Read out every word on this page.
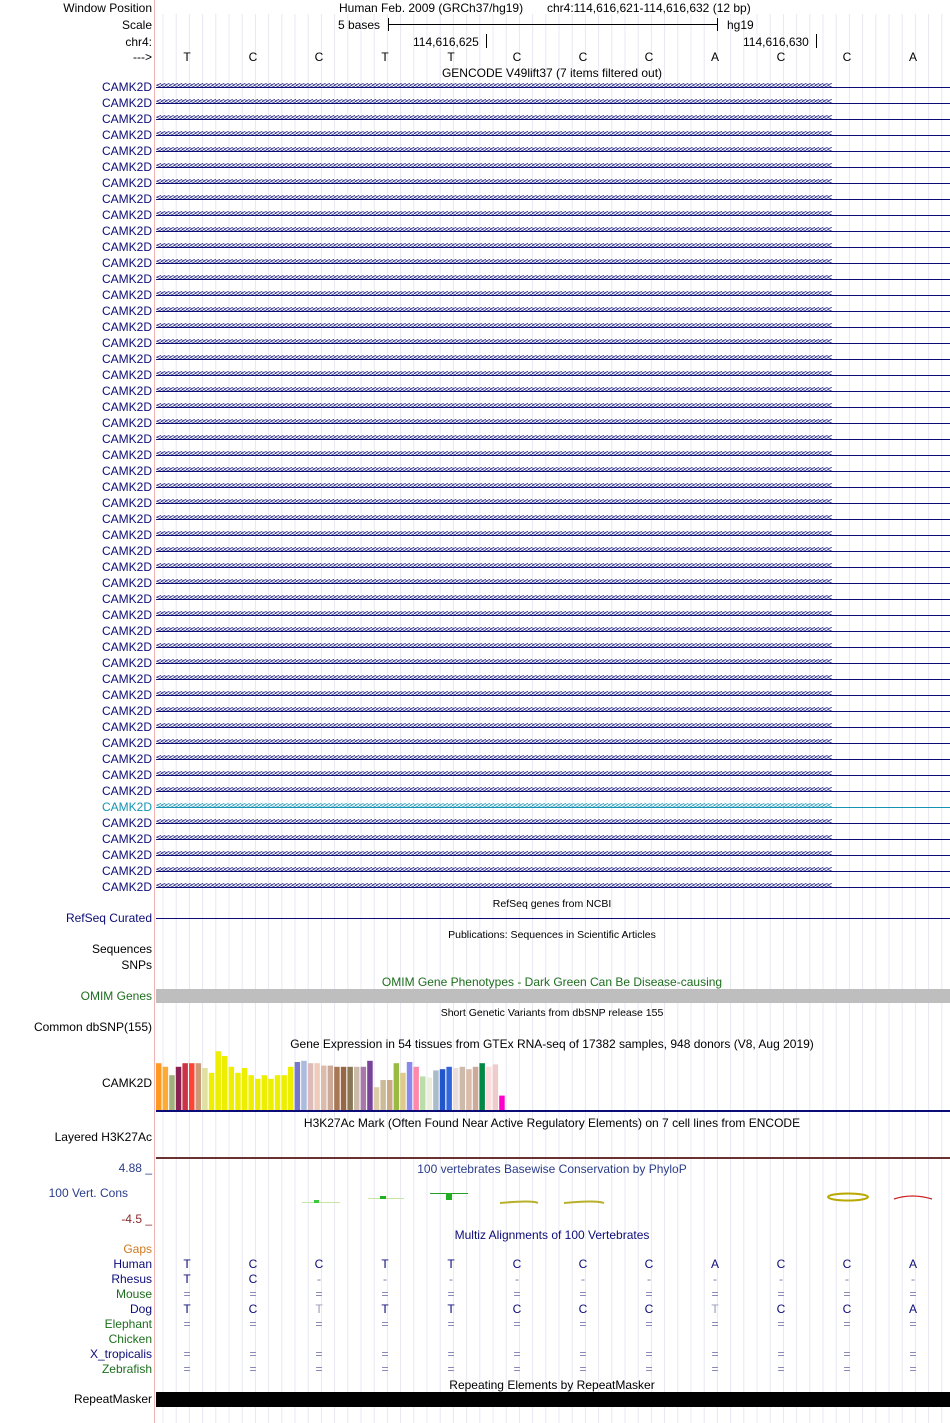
Window Position	Human Feb. 2009 (GRCh37/hg19) chr4:114,616,621-114,616,632 (12 bp)
Scale	5 bases	hg19
chr4:	114,616,625	114,616,630
--->	T	C	C	T	T	C	C	C	A	C	C	A
GENCODE V49lift37 (7 items filtered out)
CAMK2D <<<<<<<<<<<<<<<<<<<<<<<<<<<<<<<<<<<<<<<<<<<<<<<<<<<<<<<<<<<<<<<<<<<<<<<<<<<<<<<<<<<<<<<<<<<<<<<<<<<<<<<<<<<<<<<<<<<<<<<<<<<<<<<<<<<<<<<<<<<<<<<<<<<<<<<<<<<<<<<<
CAMK2D <<<<<<<<<<<<<<<<<<<<<<<<<<<<<<<<<<<<<<<<<<<<<<<<<<<<<<<<<<<<<<<<<<<<<<<<<<<<<<<<<<<<<<<<<<<<<<<<<<<<<<<<<<<<<<<<<<<<<<<<<<<<<<<<<<<<<<<<<<<<<<<<<<<<<<<<<<<<<<<<
CAMK2D <<<<<<<<<<<<<<<<<<<<<<<<<<<<<<<<<<<<<<<<<<<<<<<<<<<<<<<<<<<<<<<<<<<<<<<<<<<<<<<<<<<<<<<<<<<<<<<<<<<<<<<<<<<<<<<<<<<<<<<<<<<<<<<<<<<<<<<<<<<<<<<<<<<<<<<<<<<<<<<<
CAMK2D <<<<<<<<<<<<<<<<<<<<<<<<<<<<<<<<<<<<<<<<<<<<<<<<<<<<<<<<<<<<<<<<<<<<<<<<<<<<<<<<<<<<<<<<<<<<<<<<<<<<<<<<<<<<<<<<<<<<<<<<<<<<<<<<<<<<<<<<<<<<<<<<<<<<<<<<<<<<<<<<
CAMK2D <<<<<<<<<<<<<<<<<<<<<<<<<<<<<<<<<<<<<<<<<<<<<<<<<<<<<<<<<<<<<<<<<<<<<<<<<<<<<<<<<<<<<<<<<<<<<<<<<<<<<<<<<<<<<<<<<<<<<<<<<<<<<<<<<<<<<<<<<<<<<<<<<<<<<<<<<<<<<<<<
CAMK2D <<<<<<<<<<<<<<<<<<<<<<<<<<<<<<<<<<<<<<<<<<<<<<<<<<<<<<<<<<<<<<<<<<<<<<<<<<<<<<<<<<<<<<<<<<<<<<<<<<<<<<<<<<<<<<<<<<<<<<<<<<<<<<<<<<<<<<<<<<<<<<<<<<<<<<<<<<<<<<<<
CAMK2D <<<<<<<<<<<<<<<<<<<<<<<<<<<<<<<<<<<<<<<<<<<<<<<<<<<<<<<<<<<<<<<<<<<<<<<<<<<<<<<<<<<<<<<<<<<<<<<<<<<<<<<<<<<<<<<<<<<<<<<<<<<<<<<<<<<<<<<<<<<<<<<<<<<<<<<<<<<<<<<<
CAMK2D <<<<<<<<<<<<<<<<<<<<<<<<<<<<<<<<<<<<<<<<<<<<<<<<<<<<<<<<<<<<<<<<<<<<<<<<<<<<<<<<<<<<<<<<<<<<<<<<<<<<<<<<<<<<<<<<<<<<<<<<<<<<<<<<<<<<<<<<<<<<<<<<<<<<<<<<<<<<<<<<
CAMK2D <<<<<<<<<<<<<<<<<<<<<<<<<<<<<<<<<<<<<<<<<<<<<<<<<<<<<<<<<<<<<<<<<<<<<<<<<<<<<<<<<<<<<<<<<<<<<<<<<<<<<<<<<<<<<<<<<<<<<<<<<<<<<<<<<<<<<<<<<<<<<<<<<<<<<<<<<<<<<<<<
CAMK2D <<<<<<<<<<<<<<<<<<<<<<<<<<<<<<<<<<<<<<<<<<<<<<<<<<<<<<<<<<<<<<<<<<<<<<<<<<<<<<<<<<<<<<<<<<<<<<<<<<<<<<<<<<<<<<<<<<<<<<<<<<<<<<<<<<<<<<<<<<<<<<<<<<<<<<<<<<<<<<<<
CAMK2D <<<<<<<<<<<<<<<<<<<<<<<<<<<<<<<<<<<<<<<<<<<<<<<<<<<<<<<<<<<<<<<<<<<<<<<<<<<<<<<<<<<<<<<<<<<<<<<<<<<<<<<<<<<<<<<<<<<<<<<<<<<<<<<<<<<<<<<<<<<<<<<<<<<<<<<<<<<<<<<<
CAMK2D <<<<<<<<<<<<<<<<<<<<<<<<<<<<<<<<<<<<<<<<<<<<<<<<<<<<<<<<<<<<<<<<<<<<<<<<<<<<<<<<<<<<<<<<<<<<<<<<<<<<<<<<<<<<<<<<<<<<<<<<<<<<<<<<<<<<<<<<<<<<<<<<<<<<<<<<<<<<<<<<
CAMK2D <<<<<<<<<<<<<<<<<<<<<<<<<<<<<<<<<<<<<<<<<<<<<<<<<<<<<<<<<<<<<<<<<<<<<<<<<<<<<<<<<<<<<<<<<<<<<<<<<<<<<<<<<<<<<<<<<<<<<<<<<<<<<<<<<<<<<<<<<<<<<<<<<<<<<<<<<<<<<<<<
CAMK2D <<<<<<<<<<<<<<<<<<<<<<<<<<<<<<<<<<<<<<<<<<<<<<<<<<<<<<<<<<<<<<<<<<<<<<<<<<<<<<<<<<<<<<<<<<<<<<<<<<<<<<<<<<<<<<<<<<<<<<<<<<<<<<<<<<<<<<<<<<<<<<<<<<<<<<<<<<<<<<<<
CAMK2D <<<<<<<<<<<<<<<<<<<<<<<<<<<<<<<<<<<<<<<<<<<<<<<<<<<<<<<<<<<<<<<<<<<<<<<<<<<<<<<<<<<<<<<<<<<<<<<<<<<<<<<<<<<<<<<<<<<<<<<<<<<<<<<<<<<<<<<<<<<<<<<<<<<<<<<<<<<<<<<<
CAMK2D <<<<<<<<<<<<<<<<<<<<<<<<<<<<<<<<<<<<<<<<<<<<<<<<<<<<<<<<<<<<<<<<<<<<<<<<<<<<<<<<<<<<<<<<<<<<<<<<<<<<<<<<<<<<<<<<<<<<<<<<<<<<<<<<<<<<<<<<<<<<<<<<<<<<<<<<<<<<<<<<
CAMK2D <<<<<<<<<<<<<<<<<<<<<<<<<<<<<<<<<<<<<<<<<<<<<<<<<<<<<<<<<<<<<<<<<<<<<<<<<<<<<<<<<<<<<<<<<<<<<<<<<<<<<<<<<<<<<<<<<<<<<<<<<<<<<<<<<<<<<<<<<<<<<<<<<<<<<<<<<<<<<<<<
CAMK2D <<<<<<<<<<<<<<<<<<<<<<<<<<<<<<<<<<<<<<<<<<<<<<<<<<<<<<<<<<<<<<<<<<<<<<<<<<<<<<<<<<<<<<<<<<<<<<<<<<<<<<<<<<<<<<<<<<<<<<<<<<<<<<<<<<<<<<<<<<<<<<<<<<<<<<<<<<<<<<<<
CAMK2D <<<<<<<<<<<<<<<<<<<<<<<<<<<<<<<<<<<<<<<<<<<<<<<<<<<<<<<<<<<<<<<<<<<<<<<<<<<<<<<<<<<<<<<<<<<<<<<<<<<<<<<<<<<<<<<<<<<<<<<<<<<<<<<<<<<<<<<<<<<<<<<<<<<<<<<<<<<<<<<<
CAMK2D <<<<<<<<<<<<<<<<<<<<<<<<<<<<<<<<<<<<<<<<<<<<<<<<<<<<<<<<<<<<<<<<<<<<<<<<<<<<<<<<<<<<<<<<<<<<<<<<<<<<<<<<<<<<<<<<<<<<<<<<<<<<<<<<<<<<<<<<<<<<<<<<<<<<<<<<<<<<<<<<
CAMK2D <<<<<<<<<<<<<<<<<<<<<<<<<<<<<<<<<<<<<<<<<<<<<<<<<<<<<<<<<<<<<<<<<<<<<<<<<<<<<<<<<<<<<<<<<<<<<<<<<<<<<<<<<<<<<<<<<<<<<<<<<<<<<<<<<<<<<<<<<<<<<<<<<<<<<<<<<<<<<<<<
CAMK2D <<<<<<<<<<<<<<<<<<<<<<<<<<<<<<<<<<<<<<<<<<<<<<<<<<<<<<<<<<<<<<<<<<<<<<<<<<<<<<<<<<<<<<<<<<<<<<<<<<<<<<<<<<<<<<<<<<<<<<<<<<<<<<<<<<<<<<<<<<<<<<<<<<<<<<<<<<<<<<<<
CAMK2D <<<<<<<<<<<<<<<<<<<<<<<<<<<<<<<<<<<<<<<<<<<<<<<<<<<<<<<<<<<<<<<<<<<<<<<<<<<<<<<<<<<<<<<<<<<<<<<<<<<<<<<<<<<<<<<<<<<<<<<<<<<<<<<<<<<<<<<<<<<<<<<<<<<<<<<<<<<<<<<<
CAMK2D <<<<<<<<<<<<<<<<<<<<<<<<<<<<<<<<<<<<<<<<<<<<<<<<<<<<<<<<<<<<<<<<<<<<<<<<<<<<<<<<<<<<<<<<<<<<<<<<<<<<<<<<<<<<<<<<<<<<<<<<<<<<<<<<<<<<<<<<<<<<<<<<<<<<<<<<<<<<<<<<
CAMK2D <<<<<<<<<<<<<<<<<<<<<<<<<<<<<<<<<<<<<<<<<<<<<<<<<<<<<<<<<<<<<<<<<<<<<<<<<<<<<<<<<<<<<<<<<<<<<<<<<<<<<<<<<<<<<<<<<<<<<<<<<<<<<<<<<<<<<<<<<<<<<<<<<<<<<<<<<<<<<<<<
CAMK2D <<<<<<<<<<<<<<<<<<<<<<<<<<<<<<<<<<<<<<<<<<<<<<<<<<<<<<<<<<<<<<<<<<<<<<<<<<<<<<<<<<<<<<<<<<<<<<<<<<<<<<<<<<<<<<<<<<<<<<<<<<<<<<<<<<<<<<<<<<<<<<<<<<<<<<<<<<<<<<<<
CAMK2D <<<<<<<<<<<<<<<<<<<<<<<<<<<<<<<<<<<<<<<<<<<<<<<<<<<<<<<<<<<<<<<<<<<<<<<<<<<<<<<<<<<<<<<<<<<<<<<<<<<<<<<<<<<<<<<<<<<<<<<<<<<<<<<<<<<<<<<<<<<<<<<<<<<<<<<<<<<<<<<<
CAMK2D <<<<<<<<<<<<<<<<<<<<<<<<<<<<<<<<<<<<<<<<<<<<<<<<<<<<<<<<<<<<<<<<<<<<<<<<<<<<<<<<<<<<<<<<<<<<<<<<<<<<<<<<<<<<<<<<<<<<<<<<<<<<<<<<<<<<<<<<<<<<<<<<<<<<<<<<<<<<<<<<
CAMK2D <<<<<<<<<<<<<<<<<<<<<<<<<<<<<<<<<<<<<<<<<<<<<<<<<<<<<<<<<<<<<<<<<<<<<<<<<<<<<<<<<<<<<<<<<<<<<<<<<<<<<<<<<<<<<<<<<<<<<<<<<<<<<<<<<<<<<<<<<<<<<<<<<<<<<<<<<<<<<<<<
CAMK2D <<<<<<<<<<<<<<<<<<<<<<<<<<<<<<<<<<<<<<<<<<<<<<<<<<<<<<<<<<<<<<<<<<<<<<<<<<<<<<<<<<<<<<<<<<<<<<<<<<<<<<<<<<<<<<<<<<<<<<<<<<<<<<<<<<<<<<<<<<<<<<<<<<<<<<<<<<<<<<<<
CAMK2D <<<<<<<<<<<<<<<<<<<<<<<<<<<<<<<<<<<<<<<<<<<<<<<<<<<<<<<<<<<<<<<<<<<<<<<<<<<<<<<<<<<<<<<<<<<<<<<<<<<<<<<<<<<<<<<<<<<<<<<<<<<<<<<<<<<<<<<<<<<<<<<<<<<<<<<<<<<<<<<<
CAMK2D <<<<<<<<<<<<<<<<<<<<<<<<<<<<<<<<<<<<<<<<<<<<<<<<<<<<<<<<<<<<<<<<<<<<<<<<<<<<<<<<<<<<<<<<<<<<<<<<<<<<<<<<<<<<<<<<<<<<<<<<<<<<<<<<<<<<<<<<<<<<<<<<<<<<<<<<<<<<<<<<
CAMK2D <<<<<<<<<<<<<<<<<<<<<<<<<<<<<<<<<<<<<<<<<<<<<<<<<<<<<<<<<<<<<<<<<<<<<<<<<<<<<<<<<<<<<<<<<<<<<<<<<<<<<<<<<<<<<<<<<<<<<<<<<<<<<<<<<<<<<<<<<<<<<<<<<<<<<<<<<<<<<<<<
CAMK2D <<<<<<<<<<<<<<<<<<<<<<<<<<<<<<<<<<<<<<<<<<<<<<<<<<<<<<<<<<<<<<<<<<<<<<<<<<<<<<<<<<<<<<<<<<<<<<<<<<<<<<<<<<<<<<<<<<<<<<<<<<<<<<<<<<<<<<<<<<<<<<<<<<<<<<<<<<<<<<<<
CAMK2D <<<<<<<<<<<<<<<<<<<<<<<<<<<<<<<<<<<<<<<<<<<<<<<<<<<<<<<<<<<<<<<<<<<<<<<<<<<<<<<<<<<<<<<<<<<<<<<<<<<<<<<<<<<<<<<<<<<<<<<<<<<<<<<<<<<<<<<<<<<<<<<<<<<<<<<<<<<<<<<<
CAMK2D <<<<<<<<<<<<<<<<<<<<<<<<<<<<<<<<<<<<<<<<<<<<<<<<<<<<<<<<<<<<<<<<<<<<<<<<<<<<<<<<<<<<<<<<<<<<<<<<<<<<<<<<<<<<<<<<<<<<<<<<<<<<<<<<<<<<<<<<<<<<<<<<<<<<<<<<<<<<<<<<
CAMK2D <<<<<<<<<<<<<<<<<<<<<<<<<<<<<<<<<<<<<<<<<<<<<<<<<<<<<<<<<<<<<<<<<<<<<<<<<<<<<<<<<<<<<<<<<<<<<<<<<<<<<<<<<<<<<<<<<<<<<<<<<<<<<<<<<<<<<<<<<<<<<<<<<<<<<<<<<<<<<<<<
CAMK2D <<<<<<<<<<<<<<<<<<<<<<<<<<<<<<<<<<<<<<<<<<<<<<<<<<<<<<<<<<<<<<<<<<<<<<<<<<<<<<<<<<<<<<<<<<<<<<<<<<<<<<<<<<<<<<<<<<<<<<<<<<<<<<<<<<<<<<<<<<<<<<<<<<<<<<<<<<<<<<<<
CAMK2D <<<<<<<<<<<<<<<<<<<<<<<<<<<<<<<<<<<<<<<<<<<<<<<<<<<<<<<<<<<<<<<<<<<<<<<<<<<<<<<<<<<<<<<<<<<<<<<<<<<<<<<<<<<<<<<<<<<<<<<<<<<<<<<<<<<<<<<<<<<<<<<<<<<<<<<<<<<<<<<<
CAMK2D <<<<<<<<<<<<<<<<<<<<<<<<<<<<<<<<<<<<<<<<<<<<<<<<<<<<<<<<<<<<<<<<<<<<<<<<<<<<<<<<<<<<<<<<<<<<<<<<<<<<<<<<<<<<<<<<<<<<<<<<<<<<<<<<<<<<<<<<<<<<<<<<<<<<<<<<<<<<<<<<
CAMK2D <<<<<<<<<<<<<<<<<<<<<<<<<<<<<<<<<<<<<<<<<<<<<<<<<<<<<<<<<<<<<<<<<<<<<<<<<<<<<<<<<<<<<<<<<<<<<<<<<<<<<<<<<<<<<<<<<<<<<<<<<<<<<<<<<<<<<<<<<<<<<<<<<<<<<<<<<<<<<<<<
CAMK2D <<<<<<<<<<<<<<<<<<<<<<<<<<<<<<<<<<<<<<<<<<<<<<<<<<<<<<<<<<<<<<<<<<<<<<<<<<<<<<<<<<<<<<<<<<<<<<<<<<<<<<<<<<<<<<<<<<<<<<<<<<<<<<<<<<<<<<<<<<<<<<<<<<<<<<<<<<<<<<<<
CAMK2D <<<<<<<<<<<<<<<<<<<<<<<<<<<<<<<<<<<<<<<<<<<<<<<<<<<<<<<<<<<<<<<<<<<<<<<<<<<<<<<<<<<<<<<<<<<<<<<<<<<<<<<<<<<<<<<<<<<<<<<<<<<<<<<<<<<<<<<<<<<<<<<<<<<<<<<<<<<<<<<<
CAMK2D <<<<<<<<<<<<<<<<<<<<<<<<<<<<<<<<<<<<<<<<<<<<<<<<<<<<<<<<<<<<<<<<<<<<<<<<<<<<<<<<<<<<<<<<<<<<<<<<<<<<<<<<<<<<<<<<<<<<<<<<<<<<<<<<<<<<<<<<<<<<<<<<<<<<<<<<<<<<<<<<
CAMK2D <<<<<<<<<<<<<<<<<<<<<<<<<<<<<<<<<<<<<<<<<<<<<<<<<<<<<<<<<<<<<<<<<<<<<<<<<<<<<<<<<<<<<<<<<<<<<<<<<<<<<<<<<<<<<<<<<<<<<<<<<<<<<<<<<<<<<<<<<<<<<<<<<<<<<<<<<<<<<<<<
CAMK2D <<<<<<<<<<<<<<<<<<<<<<<<<<<<<<<<<<<<<<<<<<<<<<<<<<<<<<<<<<<<<<<<<<<<<<<<<<<<<<<<<<<<<<<<<<<<<<<<<<<<<<<<<<<<<<<<<<<<<<<<<<<<<<<<<<<<<<<<<<<<<<<<<<<<<<<<<<<<<<<<
CAMK2D <<<<<<<<<<<<<<<<<<<<<<<<<<<<<<<<<<<<<<<<<<<<<<<<<<<<<<<<<<<<<<<<<<<<<<<<<<<<<<<<<<<<<<<<<<<<<<<<<<<<<<<<<<<<<<<<<<<<<<<<<<<<<<<<<<<<<<<<<<<<<<<<<<<<<<<<<<<<<<<<
CAMK2D <<<<<<<<<<<<<<<<<<<<<<<<<<<<<<<<<<<<<<<<<<<<<<<<<<<<<<<<<<<<<<<<<<<<<<<<<<<<<<<<<<<<<<<<<<<<<<<<<<<<<<<<<<<<<<<<<<<<<<<<<<<<<<<<<<<<<<<<<<<<<<<<<<<<<<<<<<<<<<<<
CAMK2D <<<<<<<<<<<<<<<<<<<<<<<<<<<<<<<<<<<<<<<<<<<<<<<<<<<<<<<<<<<<<<<<<<<<<<<<<<<<<<<<<<<<<<<<<<<<<<<<<<<<<<<<<<<<<<<<<<<<<<<<<<<<<<<<<<<<<<<<<<<<<<<<<<<<<<<<<<<<<<<<
CAMK2D <<<<<<<<<<<<<<<<<<<<<<<<<<<<<<<<<<<<<<<<<<<<<<<<<<<<<<<<<<<<<<<<<<<<<<<<<<<<<<<<<<<<<<<<<<<<<<<<<<<<<<<<<<<<<<<<<<<<<<<<<<<<<<<<<<<<<<<<<<<<<<<<<<<<<<<<<<<<<<<<
CAMK2D <<<<<<<<<<<<<<<<<<<<<<<<<<<<<<<<<<<<<<<<<<<<<<<<<<<<<<<<<<<<<<<<<<<<<<<<<<<<<<<<<<<<<<<<<<<<<<<<<<<<<<<<<<<<<<<<<<<<<<<<<<<<<<<<<<<<<<<<<<<<<<<<<<<<<<<<<<<<<<<<
RefSeq genes from NCBI
RefSeq Curated
Publications: Sequences in Scientific Articles
Sequences
SNPs
OMIM Gene Phenotypes - Dark Green Can Be Disease-causing
OMIM Genes
Short Genetic Variants from dbSNP release 155
Common dbSNP(155)
Gene Expression in 54 tissues from GTEx RNA-seq of 17382 samples, 948 donors (V8, Aug 2019)
CAMK2D
H3K27Ac Mark (Often Found Near Active Regulatory Elements) on 7 cell lines from ENCODE
Layered H3K27Ac
100 vertebrates Basewise Conservation by PhyloP
4.88 _
100 Vert. Cons
-4.5 _
Multiz Alignments of 100 Vertebrates
Gaps
Human	T	C	C	T	T	C	C	C	A	C	C	A
Rhesus	T	C	-	-	-	-	-	-	-	-	-	-
Mouse	=	=	=	=	=	=	=	=	=	=	=	=
Dog	T	C	T	T	T	C	C	C	T	C	C	A
Elephant	=	=	=	=	=	=	=	=	=	=	=	=
Chicken
X_tropicalis	=	=	=	=	=	=	=	=	=	=	=	=
Zebrafish	=	=	=	=	=	=	=	=	=	=	=	=
Repeating Elements by RepeatMasker
RepeatMasker
